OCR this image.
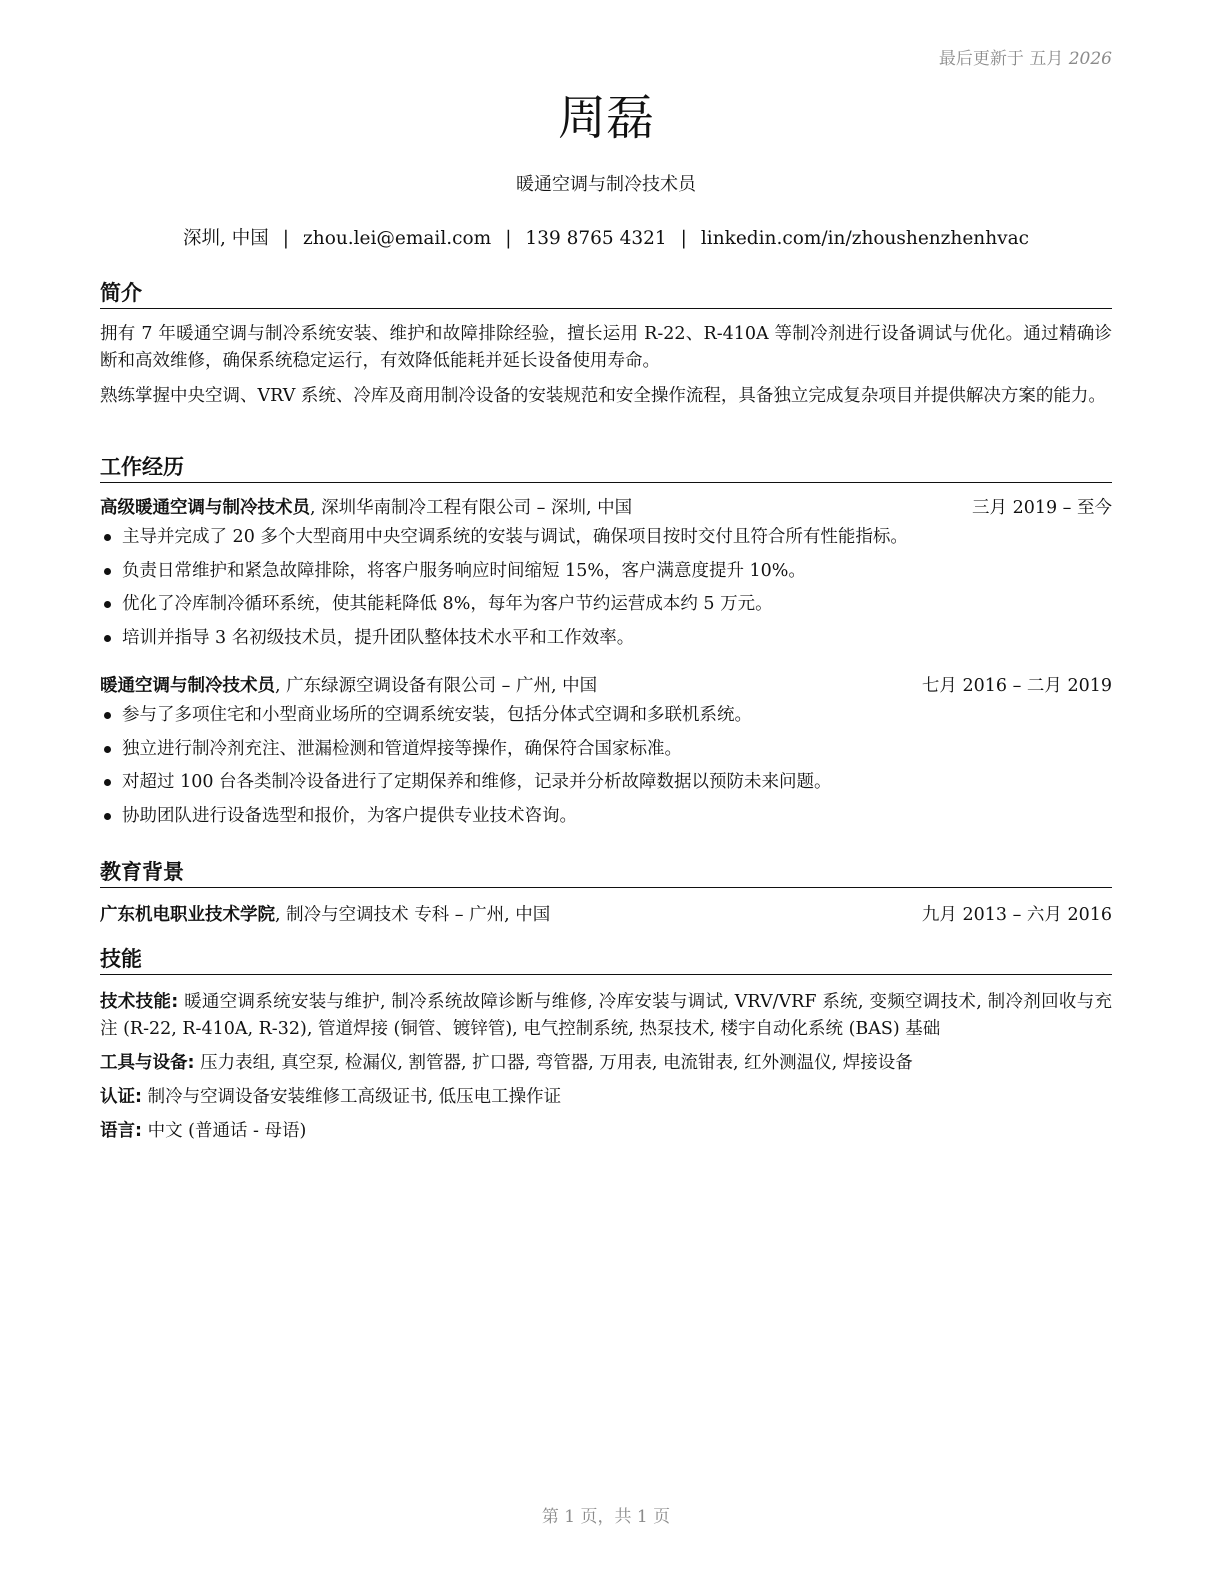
最后更新于 五月 2026
周磊
暖通空调与制冷技术员
深圳, 中国 | zhou.lei@email.com | 139 8765 4321 | linkedin.com/in/zhoushenzhenhvac
简介

拥有 7 年暖通空调与制冷系统安装、维护和故障排除经验，擅长运用 R-22、R-410A 等制冷剂进行设备调试与优化。通过精确诊断和高效维修，确保系统稳定运行，有效降低能耗并延长设备使用寿命。

熟练掌握中央空调、VRV 系统、冷库及商用制冷设备的安装规范和安全操作流程，具备独立完成复杂项目并提供解决方案的能力。

工作经历
高级暖通空调与制冷技术员, 深圳华南制冷工程有限公司 – 深圳, 中国	三月 2019 – 至今
主导并完成了 20 多个大型商用中央空调系统的安装与调试，确保项目按时交付且符合所有性能指标。
负责日常维护和紧急故障排除，将客户服务响应时间缩短 15%，客户满意度提升 10%。
优化了冷库制冷循环系统，使其能耗降低 8%，每年为客户节约运营成本约 5 万元。
培训并指导 3 名初级技术员，提升团队整体技术水平和工作效率。
暖通空调与制冷技术员, 广东绿源空调设备有限公司 – 广州, 中国	七月 2016 – 二月 2019
参与了多项住宅和小型商业场所的空调系统安装，包括分体式空调和多联机系统。
独立进行制冷剂充注、泄漏检测和管道焊接等操作，确保符合国家标准。
对超过 100 台各类制冷设备进行了定期保养和维修，记录并分析故障数据以预防未来问题。
协助团队进行设备选型和报价，为客户提供专业技术咨询。
教育背景
广东机电职业技术学院, 制冷与空调技术 专科 – 广州, 中国	九月 2013 – 六月 2016
技能

技术技能: 暖通空调系统安装与维护, 制冷系统故障诊断与维修, 冷库安装与调试, VRV/VRF 系统, 变频空调技术, 制冷剂回收与充注 (R-22, R-410A, R-32), 管道焊接 (铜管、镀锌管), 电气控制系统, 热泵技术, 楼宇自动化系统 (BAS) 基础

工具与设备: 压力表组, 真空泵, 检漏仪, 割管器, 扩口器, 弯管器, 万用表, 电流钳表, 红外测温仪, 焊接设备

认证: 制冷与空调设备安装维修工高级证书, 低压电工操作证

语言: 中文 (普通话 - 母语)

第 1 页，共 1 页
